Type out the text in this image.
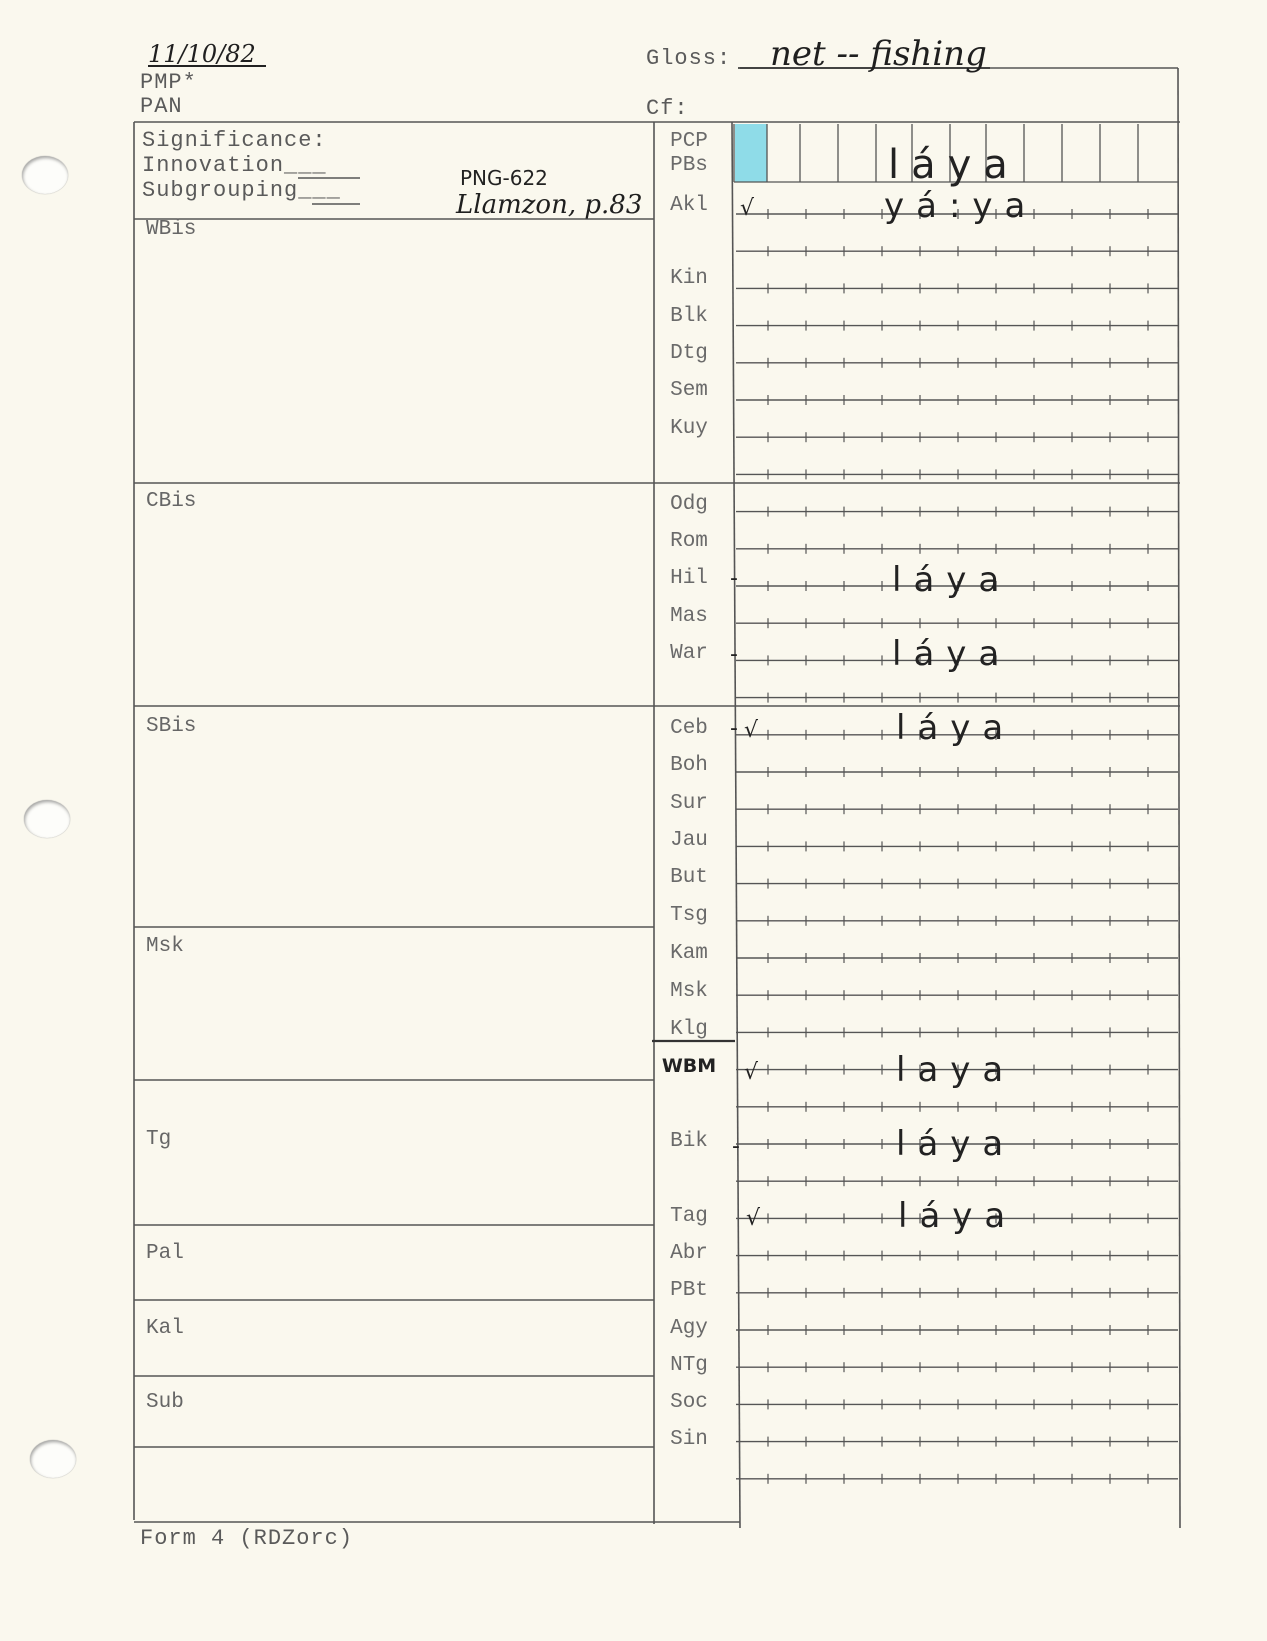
11/10/82
PMP*
PAN
Gloss: net -- fishing
Cf:
Significance:
Innovation___
Subgrouping___	PNG-622
Llamzon, p.83
WBis
CBis
SBis
Msk
Tg
Pal
Kal
Sub
PCP
PBs
Akl
Kin
Blk
Dtg
Sem
Kuy
Odg
Rom
Hil
Mas
War
Ceb
Boh
Sur
Jau
But
Tsg
Kam
Msk
Klg
WBM
Bik
Tag
Abr
PBt
Agy
NTg
Soc
Sin
láya
yá:ya
láya
láya
láya
laya
láya
láya
√
-
-
- √
√
-
√
Form 4 (RDZorc)
